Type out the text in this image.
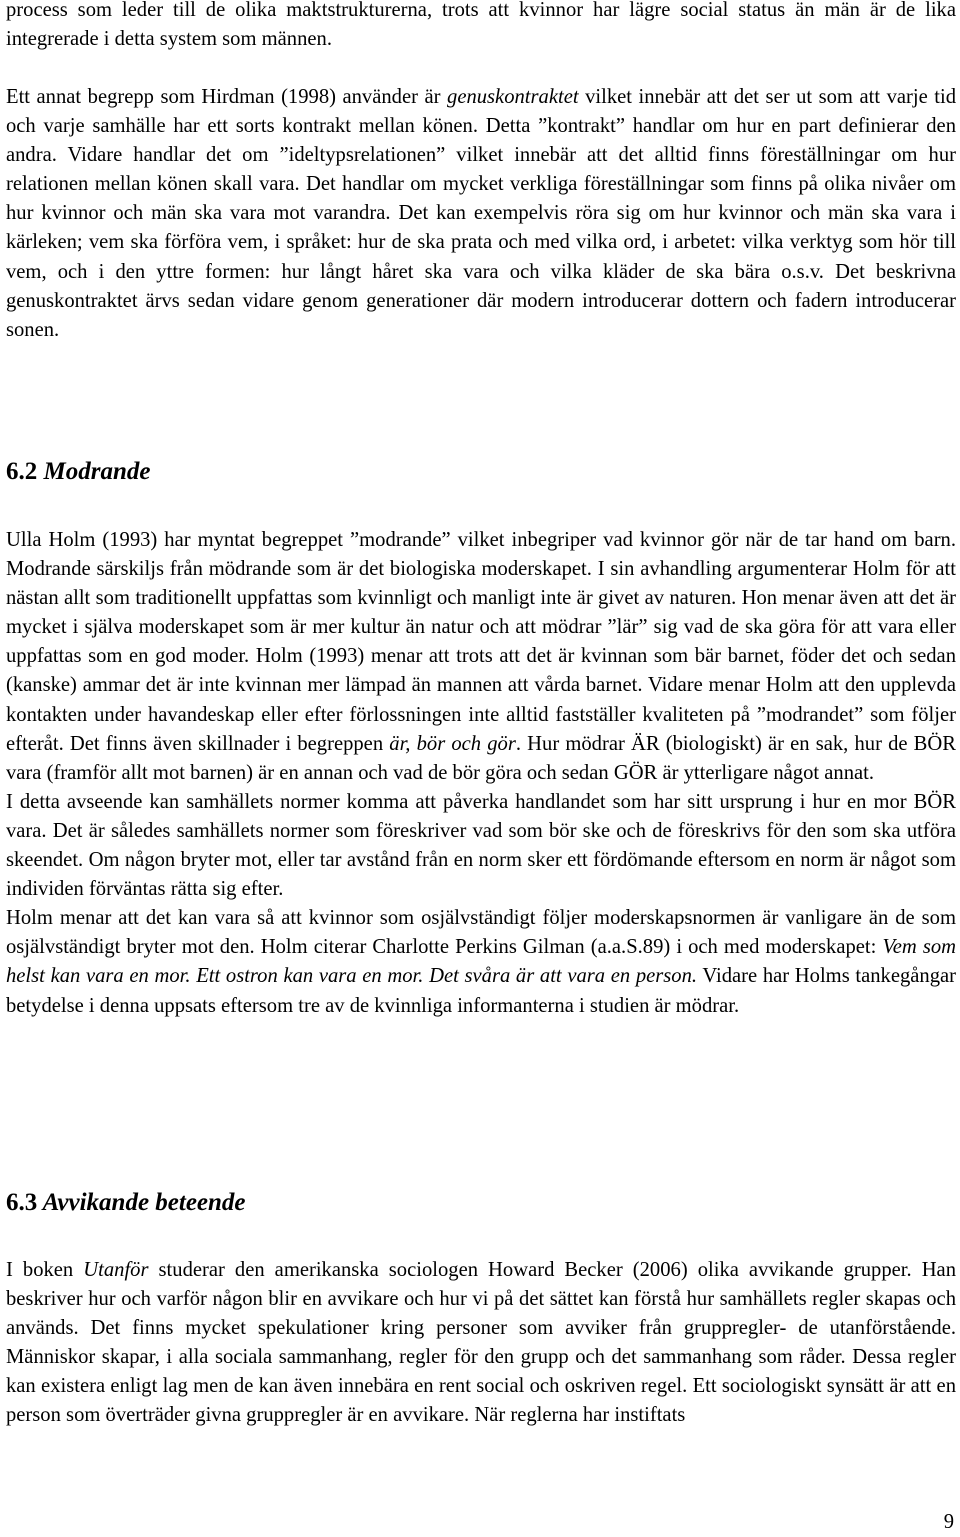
process som leder till de olika maktstrukturerna, trots att kvinnor har lägre social status än män är de lika integrerade i detta system som männen.

Ett annat begrepp som Hirdman (1998) använder är genuskontraktet vilket innebär att det ser ut som att varje tid och varje samhälle har ett sorts kontrakt mellan könen. Detta ”kontrakt” handlar om hur en part definierar den andra. Vidare handlar det om ”ideltypsrelationen” vilket innebär att det alltid finns föreställningar om hur relationen mellan könen skall vara. Det handlar om mycket verkliga föreställningar som finns på olika nivåer om hur kvinnor och män ska vara mot varandra. Det kan exempelvis röra sig om hur kvinnor och män ska vara i kärleken; vem ska förföra vem, i språket: hur de ska prata och med vilka ord, i arbetet: vilka verktyg som hör till vem, och i den yttre formen: hur långt håret ska vara och vilka kläder de ska bära o.s.v. Det beskrivna genuskontraktet ärvs sedan vidare genom generationer där modern introducerar dottern och fadern introducerar sonen.

6.2 Modrande

Ulla Holm (1993) har myntat begreppet ”modrande” vilket inbegriper vad kvinnor gör när de tar hand om barn. Modrande särskiljs från mödrande som är det biologiska moderskapet. I sin avhandling argumenterar Holm för att nästan allt som traditionellt uppfattas som kvinnligt och manligt inte är givet av naturen. Hon menar även att det är mycket i själva moderskapet som är mer kultur än natur och att mödrar ”lär” sig vad de ska göra för att vara eller uppfattas som en god moder. Holm (1993) menar att trots att det är kvinnan som bär barnet, föder det och sedan (kanske) ammar det är inte kvinnan mer lämpad än mannen att vårda barnet. Vidare menar Holm att den upplevda kontakten under havandeskap eller efter förlossningen inte alltid fastställer kvaliteten på ”modrandet” som följer efteråt. Det finns även skillnader i begreppen är, bör och gör. Hur mödrar ÄR (biologiskt) är en sak, hur de BÖR vara (framför allt mot barnen) är en annan och vad de bör göra och sedan GÖR är ytterligare något annat.
I detta avseende kan samhällets normer komma att påverka handlandet som har sitt ursprung i hur en mor BÖR vara. Det är således samhällets normer som föreskriver vad som bör ske och de föreskrivs för den som ska utföra skeendet. Om någon bryter mot, eller tar avstånd från en norm sker ett fördömande eftersom en norm är något som individen förväntas rätta sig efter.
Holm menar att det kan vara så att kvinnor som osjälvständigt följer moderskapsnormen är vanligare än de som osjälvständigt bryter mot den. Holm citerar Charlotte Perkins Gilman (a.a.S.89) i och med moderskapet: Vem som helst kan vara en mor. Ett ostron kan vara en mor. Det svåra är att vara en person. Vidare har Holms tankegångar betydelse i denna uppsats eftersom tre av de kvinnliga informanterna i studien är mödrar.

6.3 Avvikande beteende

I boken Utanför studerar den amerikanska sociologen Howard Becker (2006) olika avvikande grupper. Han beskriver hur och varför någon blir en avvikare och hur vi på det sättet kan förstå hur samhällets regler skapas och används. Det finns mycket spekulationer kring personer som avviker från gruppregler- de utanförstående. Människor skapar, i alla sociala sammanhang, regler för den grupp och det sammanhang som råder. Dessa regler kan existera enligt lag men de kan även innebära en rent social och oskriven regel. Ett sociologiskt synsätt är att en person som överträder givna gruppregler är en avvikare. När reglerna har instiftats

9
